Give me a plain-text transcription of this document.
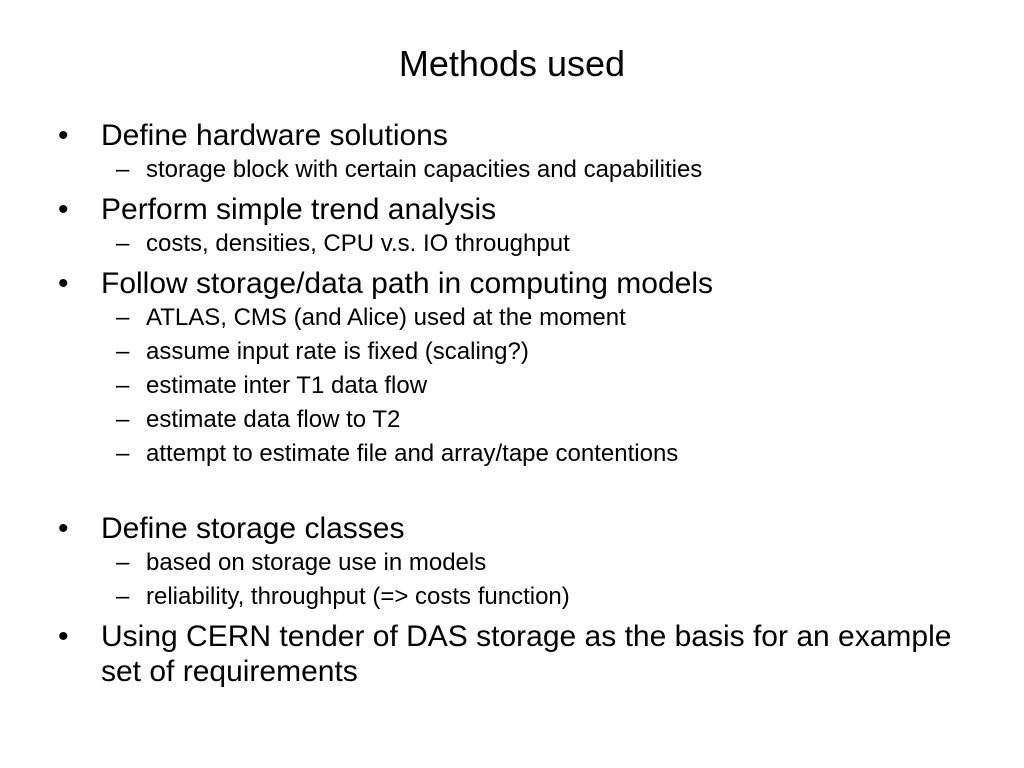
Methods used
•	Define hardware solutions
– storage block with certain capacities and capabilities
•	Perform simple trend analysis
– costs, densities, CPU v.s. IO throughput
•	Follow storage/data path in computing models
– ATLAS, CMS (and Alice) used at the moment
– assume input rate is fixed (scaling?)
– estimate inter T1 data flow
– estimate data flow to T2
– attempt to estimate file and array/tape contentions
•	Define storage classes
– based on storage use in models
– reliability, throughput (=> costs function)
•	Using CERN tender of DAS storage as the basis for an example set of requirements
